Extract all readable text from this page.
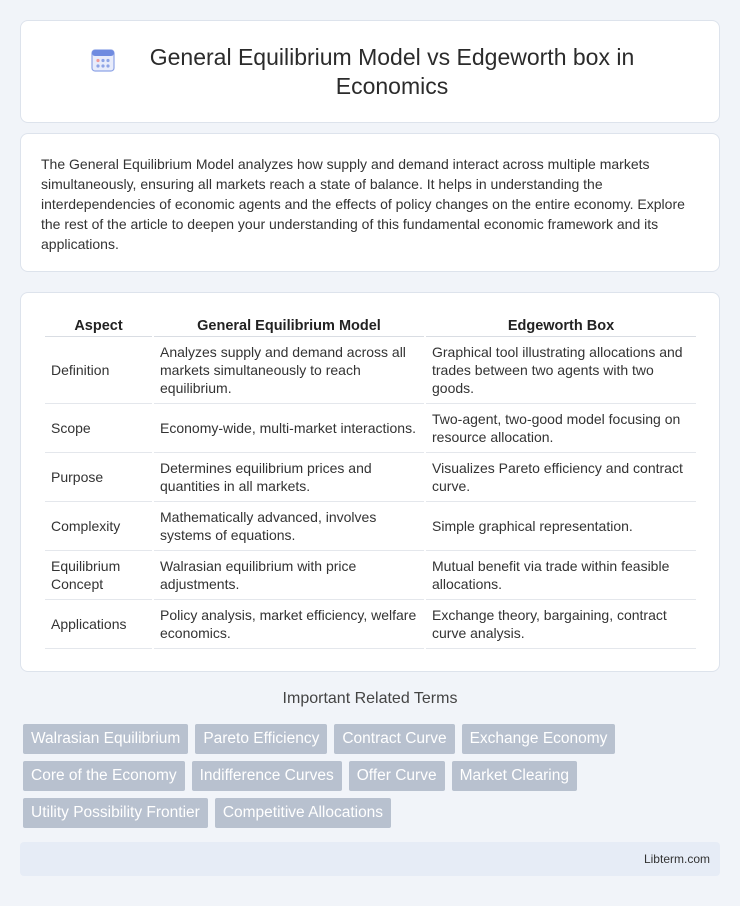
General Equilibrium Model vs Edgeworth box in Economics

The General Equilibrium Model analyzes how supply and demand interact across multiple markets simultaneously, ensuring all markets reach a state of balance. It helps in understanding the interdependencies of economic agents and the effects of policy changes on the entire economy. Explore the rest of the article to deepen your understanding of this fundamental economic framework and its applications.

Aspect	General Equilibrium Model	Edgeworth Box
Definition	Analyzes supply and demand across all markets simultaneously to reach equilibrium.	Graphical tool illustrating allocations and trades between two agents with two goods.
Scope	Economy-wide, multi-market interactions.	Two-agent, two-good model focusing on resource allocation.
Purpose	Determines equilibrium prices and quantities in all markets.	Visualizes Pareto efficiency and contract curve.
Complexity	Mathematically advanced, involves systems of equations.	Simple graphical representation.
Equilibrium Concept	Walrasian equilibrium with price adjustments.	Mutual benefit via trade within feasible allocations.
Applications	Policy analysis, market efficiency, welfare economics.	Exchange theory, bargaining, contract curve analysis.
Important Related Terms
Walrasian Equilibrium	Pareto Efficiency	Contract Curve	Exchange Economy
Core of the Economy	Indifference Curves	Offer Curve	Market Clearing
Utility Possibility Frontier	Competitive Allocations
Libterm.com
